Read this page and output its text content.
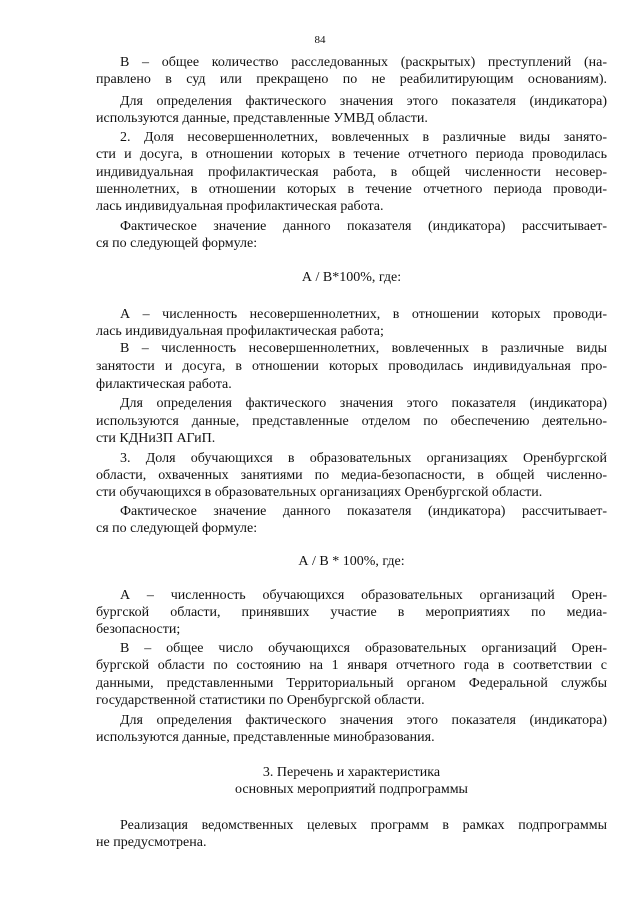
84
В – общее количество расследованных (раскрытых) преступлений (на-
правлено в суд или прекращено по не реабилитирующим основаниям).
Для определения фактического значения этого показателя (индикатора)
используются данные, представленные УМВД области.
2. Доля несовершеннолетних, вовлеченных в различные виды занято-
сти и досуга, в отношении которых в течение отчетного периода проводилась
индивидуальная профилактическая работа, в общей численности несовер-
шеннолетних, в отношении которых в течение отчетного периода проводи-
лась индивидуальная профилактическая работа.
Фактическое значение данного показателя (индикатора) рассчитывает-
ся по следующей формуле:
А / В*100%, где:
А – численность несовершеннолетних, в отношении которых проводи-
лась индивидуальная профилактическая работа;
В – численность несовершеннолетних, вовлеченных в различные виды
занятости и досуга, в отношении которых проводилась индивидуальная про-
филактическая работа.
Для определения фактического значения этого показателя (индикатора)
используются данные, представленные отделом по обеспечению деятельно-
сти КДНиЗП АГиП.
3. Доля обучающихся в образовательных организациях Оренбургской
области, охваченных занятиями по медиа-безопасности, в общей численно-
сти обучающихся в образовательных организациях Оренбургской области.
Фактическое значение данного показателя (индикатора) рассчитывает-
ся по следующей формуле:
А / В * 100%, где:
А – численность обучающихся образовательных организаций Орен-
бургской области, принявших участие в мероприятиях по медиа-
безопасности;
В – общее число обучающихся образовательных организаций Орен-
бургской области по состоянию на 1 января отчетного года в соответствии с
данными, представленными Территориальный органом Федеральной службы
государственной статистики по Оренбургской области.
Для определения фактического значения этого показателя (индикатора)
используются данные, представленные минобразования.
3. Перечень и характеристика
основных мероприятий подпрограммы
Реализация ведомственных целевых программ в рамках подпрограммы
не предусмотрена.
